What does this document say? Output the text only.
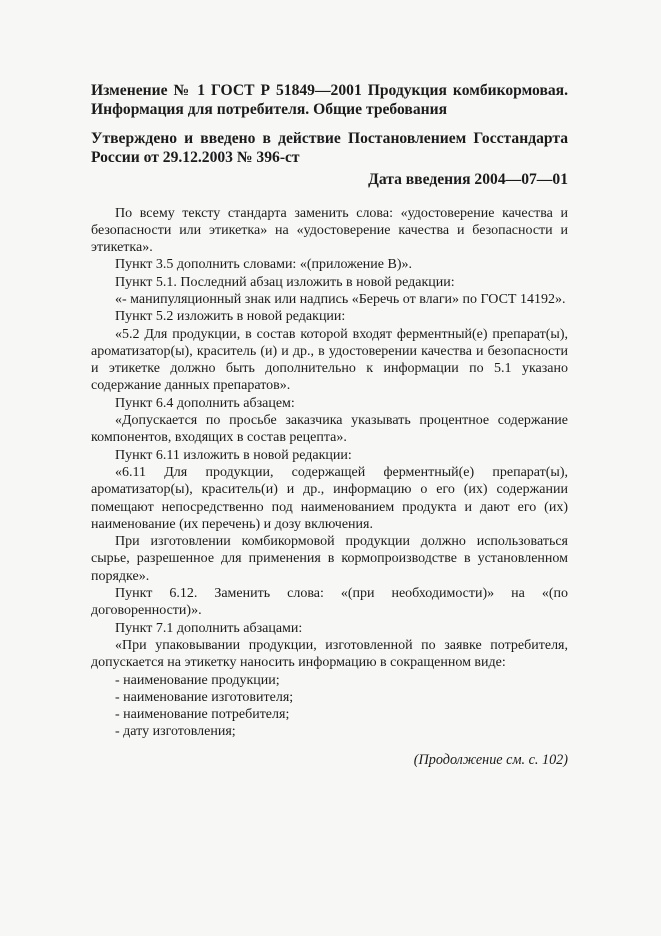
Изменение № 1 ГОСТ Р 51849—2001 Продукция комбикормовая. Информация для потребителя. Общие требования

Утверждено и введено в действие Постановлением Госстандарта России от 29.12.2003 № 396-ст

Дата введения 2004—07—01

По всему тексту стандарта заменить слова: «удостоверение качества и безопасности или этикетка» на «удостоверение качества и безопасности и этикетка».

Пункт 3.5 дополнить словами: «(приложение В)».

Пункт 5.1. Последний абзац изложить в новой редакции:

«- манипуляционный знак или надпись «Беречь от влаги» по ГОСТ 14192».

Пункт 5.2 изложить в новой редакции:

«5.2 Для продукции, в состав которой входят ферментный(е) препарат(ы), ароматизатор(ы), краситель (и) и др., в удостоверении качества и безопасности и этикетке должно быть дополнительно к информации по 5.1 указано содержание данных препаратов».

Пункт 6.4 дополнить абзацем:

«Допускается по просьбе заказчика указывать процентное содержание компонентов, входящих в состав рецепта».

Пункт 6.11 изложить в новой редакции:

«6.11 Для продукции, содержащей ферментный(е) препарат(ы), ароматизатор(ы), краситель(и) и др., информацию о его (их) содержании помещают непосредственно под наименованием продукта и дают его (их) наименование (их перечень) и дозу включения.

При изготовлении комбикормовой продукции должно использоваться сырье, разрешенное для применения в кормопроизводстве в установленном порядке».

Пункт 6.12. Заменить слова: «(при необходимости)» на «(по договоренности)».

Пункт 7.1 дополнить абзацами:

«При упаковывании продукции, изготовленной по заявке потребителя, допускается на этикетку наносить информацию в сокращенном виде:

- наименование продукции;

- наименование изготовителя;

- наименование потребителя;

- дату изготовления;

(Продолжение см. с. 102)
